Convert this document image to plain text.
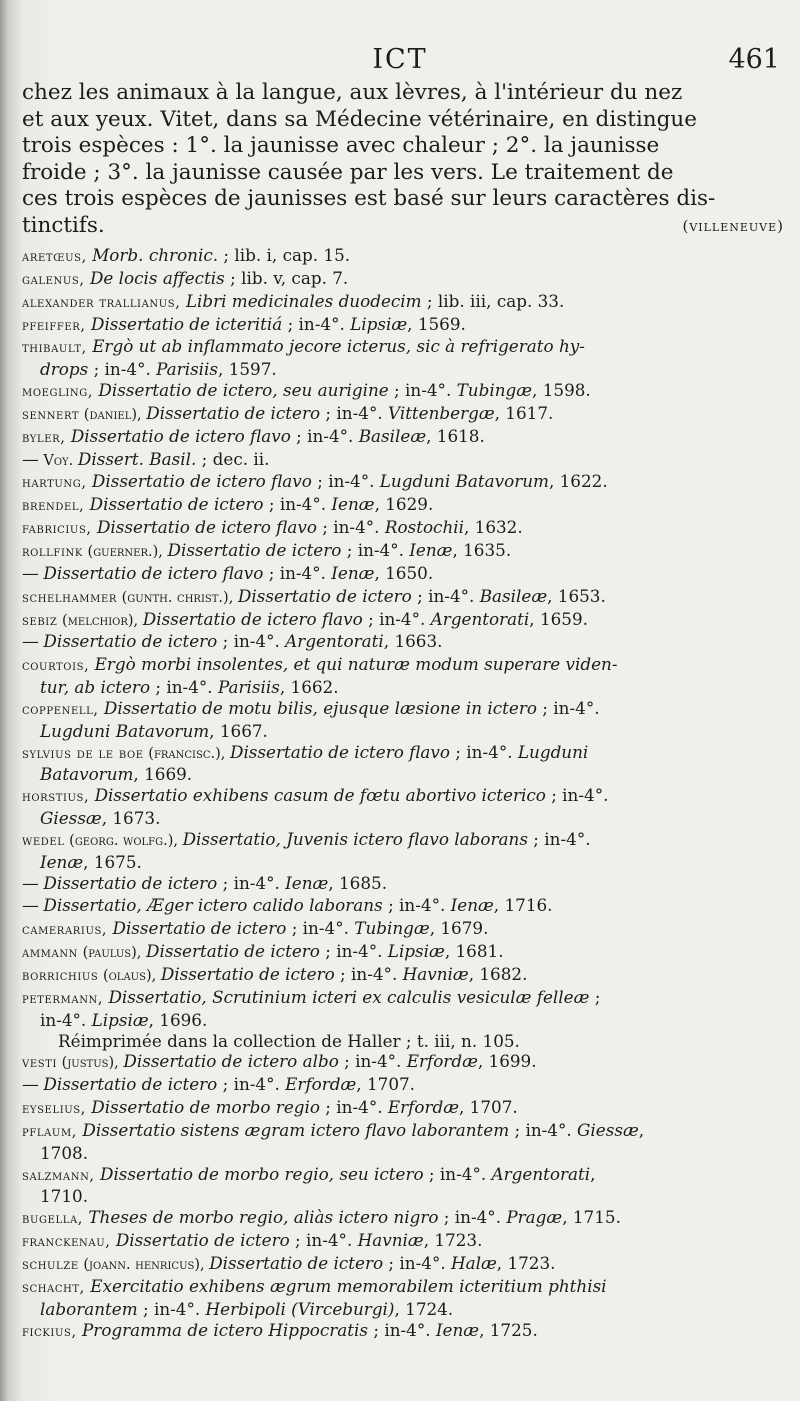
ICT	461
chez les animaux à la langue, aux lèvres, à l'intérieur du nez
et aux yeux. Vitet, dans sa Médecine vétérinaire, en distingue
trois espèces : 1°. la jaunisse avec chaleur ; 2°. la jaunisse
froide ; 3°. la jaunisse causée par les vers. Le traitement de
ces trois espèces de jaunisses est basé sur leurs caractères dis-
tinctifs.	(villeneuve)
aretœus, Morb. chronic. ; lib. i, cap. 15.
galenus, De locis affectis ; lib. v, cap. 7.
alexander trallianus, Libri medicinales duodecim ; lib. iii, cap. 33.
pfeiffer, Dissertatio de icteritiá ; in-4°. Lipsiæ, 1569.
thibault, Ergò ut ab inflammato jecore icterus, sic à refrigerato hy-
drops ; in-4°. Parisiis, 1597.
moegling, Dissertatio de ictero, seu aurigine ; in-4°. Tubingæ, 1598.
sennert (daniel), Dissertatio de ictero ; in-4°. Vittenbergæ, 1617.
byler, Dissertatio de ictero flavo ; in-4°. Basileæ, 1618.
— Voy. Dissert. Basil. ; dec. ii.
hartung, Dissertatio de ictero flavo ; in-4°. Lugduni Batavorum, 1622.
brendel, Dissertatio de ictero ; in-4°. Ienæ, 1629.
fabricius, Dissertatio de ictero flavo ; in-4°. Rostochii, 1632.
rollfink (guerner.), Dissertatio de ictero ; in-4°. Ienæ, 1635.
— Dissertatio de ictero flavo ; in-4°. Ienæ, 1650.
schelhammer (gunth. christ.), Dissertatio de ictero ; in-4°. Basileæ, 1653.
sebiz (melchior), Dissertatio de ictero flavo ; in-4°. Argentorati, 1659.
— Dissertatio de ictero ; in-4°. Argentorati, 1663.
courtois, Ergò morbi insolentes, et qui naturæ modum superare viden-
tur, ab ictero ; in-4°. Parisiis, 1662.
coppenell, Dissertatio de motu bilis, ejusque læsione in ictero ; in-4°.
Lugduni Batavorum, 1667.
sylvius de le boe (francisc.), Dissertatio de ictero flavo ; in-4°. Lugduni
Batavorum, 1669.
horstius, Dissertatio exhibens casum de fœtu abortivo icterico ; in-4°.
Giessæ, 1673.
wedel (georg. wolfg.), Dissertatio, Juvenis ictero flavo laborans ; in-4°.
Ienæ, 1675.
— Dissertatio de ictero ; in-4°. Ienæ, 1685.
— Dissertatio, Æger ictero calido laborans ; in-4°. Ienæ, 1716.
camerarius, Dissertatio de ictero ; in-4°. Tubingæ, 1679.
ammann (paulus), Dissertatio de ictero ; in-4°. Lipsiæ, 1681.
borrichius (olaus), Dissertatio de ictero ; in-4°. Havniæ, 1682.
petermann, Dissertatio, Scrutinium icteri ex calculis vesiculæ felleæ ;
in-4°. Lipsiæ, 1696.
Réimprimée dans la collection de Haller ; t. iii, n. 105.
vesti (justus), Dissertatio de ictero albo ; in-4°. Erfordæ, 1699.
— Dissertatio de ictero ; in-4°. Erfordæ, 1707.
eyselius, Dissertatio de morbo regio ; in-4°. Erfordæ, 1707.
pflaum, Dissertatio sistens ægram ictero flavo laborantem ; in-4°. Giessæ,
1708.
salzmann, Dissertatio de morbo regio, seu ictero ; in-4°. Argentorati,
1710.
bugella, Theses de morbo regio, aliàs ictero nigro ; in-4°. Pragæ, 1715.
franckenau, Dissertatio de ictero ; in-4°. Havniæ, 1723.
schulze (joann. henricus), Dissertatio de ictero ; in-4°. Halæ, 1723.
schacht, Exercitatio exhibens ægrum memorabilem icteritium phthisi
laborantem ; in-4°. Herbipoli (Virceburgi), 1724.
fickius, Programma de ictero Hippocratis ; in-4°. Ienæ, 1725.
